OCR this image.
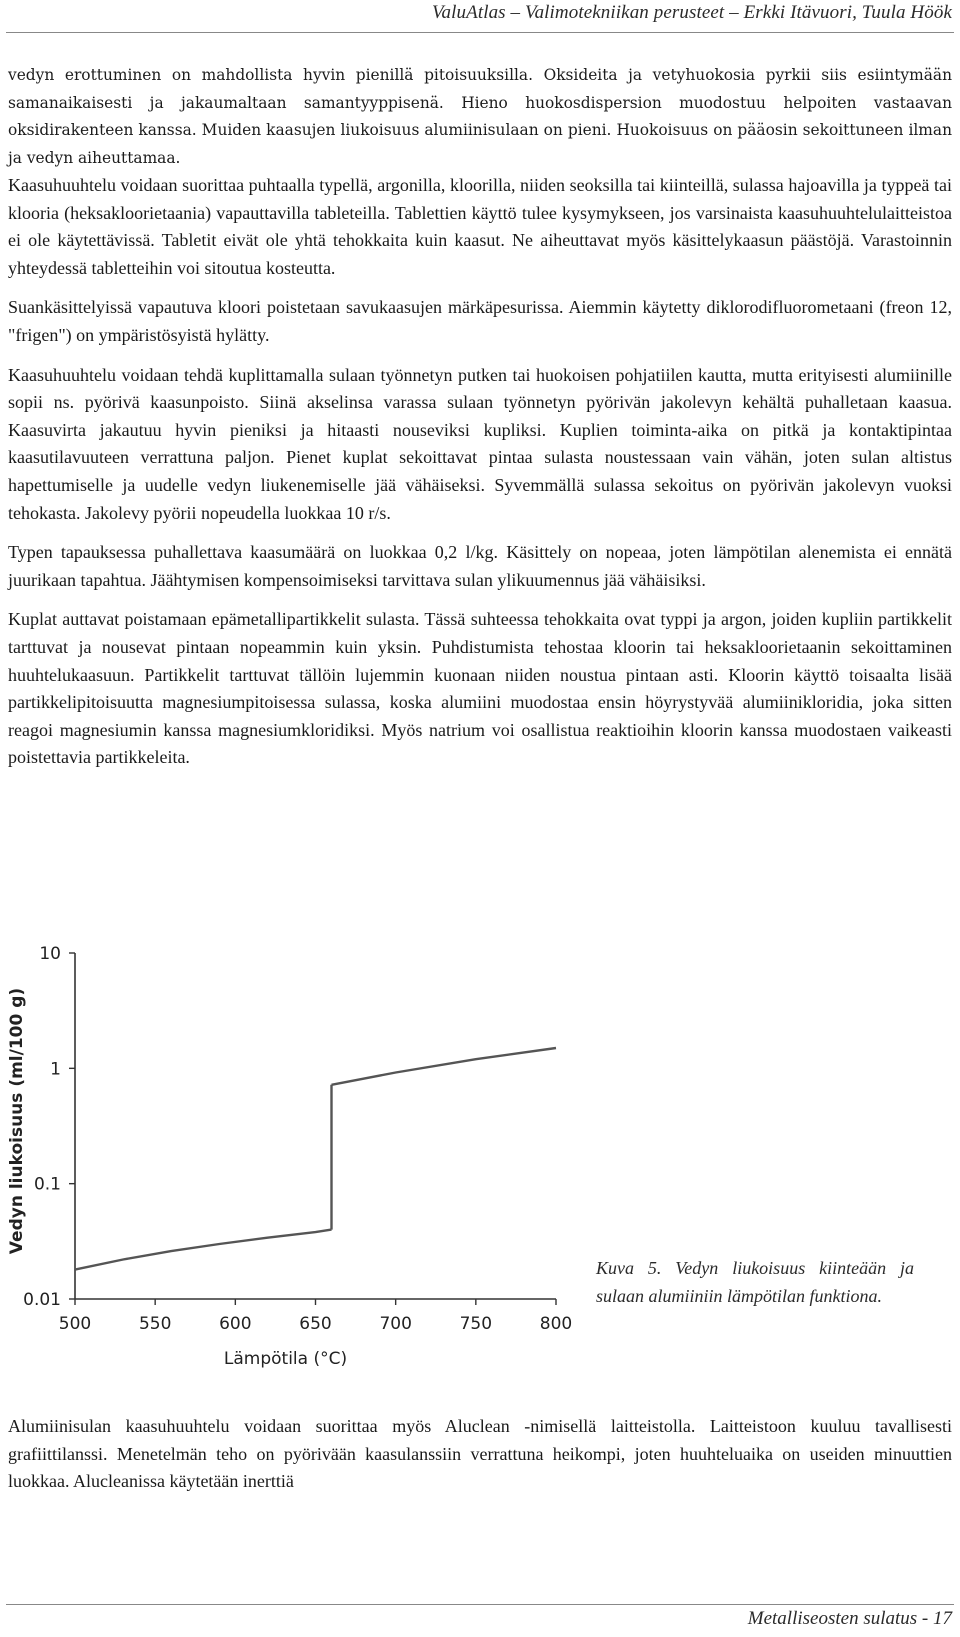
ValuAtlas – Valimotekniikan perusteet – Erkki Itävuori, Tuula Höök

vedyn erottuminen on mahdollista hyvin pienillä pitoisuuksilla. Oksideita ja vetyhuokosia pyrkii siis esiintymään samanaikaisesti ja jakaumaltaan samantyyppisenä. Hieno huokosdispersion muodostuu helpoiten vastaavan oksidirakenteen kanssa. Muiden kaasujen liukoisuus alumiinisulaan on pieni. Huokoisuus on pääosin sekoittuneen ilman ja vedyn aiheuttamaa.

Kaasuhuuhtelu voidaan suorittaa puhtaalla typellä, argonilla, kloorilla, niiden seoksilla tai kiinteillä, sulassa hajoavilla ja typpeä tai klooria (heksakloorietaania) vapauttavilla tableteilla. Tablettien käyttö tulee kysymykseen, jos varsinaista kaasuhuuhtelulaitteistoa ei ole käytettävissä. Tabletit eivät ole yhtä tehokkaita kuin kaasut. Ne aiheuttavat myös käsittelykaasun päästöjä. Varastoinnin yhteydessä tabletteihin voi sitoutua kosteutta.

Suankäsittelyissä vapautuva kloori poistetaan savukaasujen märkäpesurissa. Aiemmin käytetty diklorodifluorometaani (freon 12, "frigen") on ympäristösyistä hylätty.

Kaasuhuuhtelu voidaan tehdä kuplittamalla sulaan työnnetyn putken tai huokoisen pohjatiilen kautta, mutta erityisesti alumiinille sopii ns. pyörivä kaasunpoisto. Siinä akselinsa varassa sulaan työnnetyn pyörivän jakolevyn kehältä puhalletaan kaasua. Kaasuvirta jakautuu hyvin pieniksi ja hitaasti nouseviksi kupliksi. Kuplien toiminta-aika on pitkä ja kontaktipintaa kaasutilavuuteen verrattuna paljon. Pienet kuplat sekoittavat pintaa sulasta noustessaan vain vähän, joten sulan altistus hapettumiselle ja uudelle vedyn liukenemiselle jää vähäiseksi. Syvemmällä sulassa sekoitus on pyörivän jakolevyn vuoksi tehokasta. Jakolevy pyörii nopeudella luokkaa 10 r/s.

Typen tapauksessa puhallettava kaasumäärä on luokkaa 0,2 l/kg. Käsittely on nopeaa, joten lämpötilan alenemista ei ennätä juurikaan tapahtua. Jäähtymisen kompensoimiseksi tarvittava sulan ylikuumennus jää vähäisiksi.

Kuplat auttavat poistamaan epämetallipartikkelit sulasta. Tässä suhteessa tehokkaita ovat typpi ja argon, joiden kupliin partikkelit tarttuvat ja nousevat pintaan nopeammin kuin yksin. Puhdistumista tehostaa kloorin tai heksakloorietaanin sekoittaminen huuhtelukaasuun. Partikkelit tarttuvat tällöin lujemmin kuonaan niiden noustua pintaan asti. Kloorin käyttö toisaalta lisää partikkelipitoisuutta magnesiumpitoisessa sulassa, koska alumiini muodostaa ensin höyrystyvää alumiinikloridia, joka sitten reagoi magnesiumin kanssa magnesiumkloridiksi. Myös natrium voi osallistua reaktioihin kloorin kanssa muodostaen vaikeasti poistettavia partikkeleita.

500	550	600	650	700	750	800
0.01
0.1
1
10
Lämpötila (°C)
Vedyn liukoisuus (ml/100 g)
Kuva 5. Vedyn liukoisuus kiinteään ja sulaan alumiiniin lämpötilan funktiona.

Alumiinisulan kaasuhuuhtelu voidaan suorittaa myös Aluclean -nimisellä laitteistolla. Laitteistoon kuuluu tavallisesti grafiittilanssi. Menetelmän teho on pyörivään kaasulanssiin verrattuna heikompi, joten huuhteluaika on useiden minuuttien luokkaa. Alucleanissa käytetään inerttiä

Metalliseosten sulatus - 17
